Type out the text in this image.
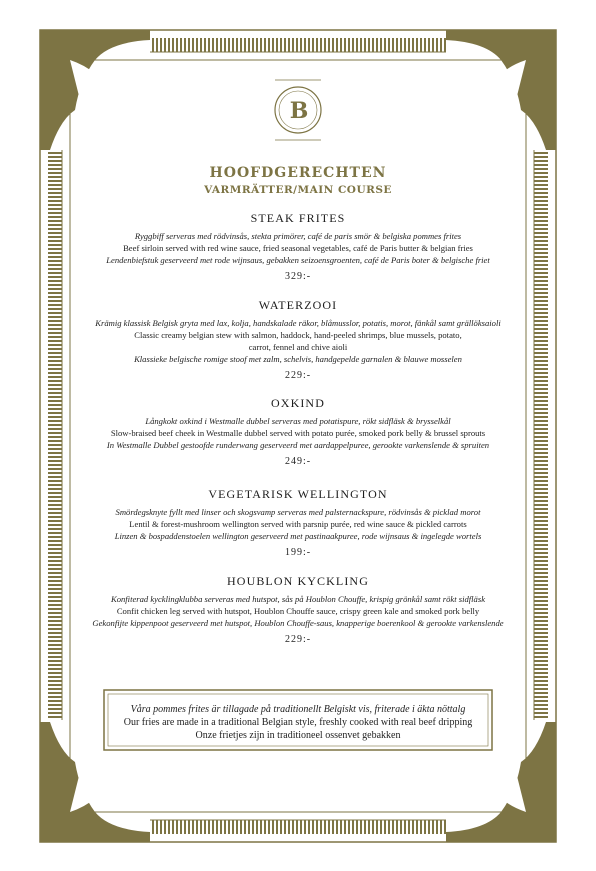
B
HOOFDGERECHTEN
VARMRÄTTER/MAIN COURSE
STEAK FRITES
Ryggbiff serveras med rödvinsås, stekta primörer, café de paris smör & belgiska pommes frites
Beef sirloin served with red wine sauce, fried seasonal vegetables, café de Paris butter & belgian fries
Lendenbiefstuk geserveerd met rode wijnsaus, gebakken seizoensgroenten, café de Paris boter & belgische friet
329:-
WATERZOOI
Krämig klassisk Belgisk gryta med lax, kolja, handskalade räkor, blåmusslor, potatis, morot, fänkål samt grällöksaioli
Classic creamy belgian stew with salmon, haddock, hand-peeled shrimps, blue mussels, potato,
carrot, fennel and chive aioli
Klassieke belgische romige stoof met zalm, schelvis, handgepelde garnalen & blauwe mosselen
229:-
OXKIND
Långkokt oxkind i Westmalle dubbel serveras med potatispure, rökt sidfläsk & brysselkål
Slow-braised beef cheek in Westmalle dubbel served with potato purée, smoked pork belly & brussel sprouts
In Westmalle Dubbel gestoofde runderwang geserveerd met aardappelpuree, gerookte varkenslende & spruiten
249:-
VEGETARISK WELLINGTON
Smördegsknyte fyllt med linser och skogsvamp serveras med palsternackspure, rödvinsås & picklad morot
Lentil & forest-mushroom wellington served with parsnip purée, red wine sauce & pickled carrots
Linzen & bospaddenstoelen wellington geserveerd met pastinaakpuree, rode wijnsaus & ingelegde wortels
199:-
HOUBLON KYCKLING
Konfiterad kycklingklubba serveras med hutspot, sås på Houblon Chouffe, krispig grönkål samt rökt sidfläsk
Confit chicken leg served with hutspot, Houblon Chouffe sauce, crispy green kale and smoked pork belly
Gekonfijte kippenpoot geserveerd met hutspot, Houblon Chouffe-saus, knapperige boerenkool & gerookte varkenslende
229:-
Våra pommes frites är tillagade på traditionellt Belgiskt vis, friterade i äkta nöttalg
Our fries are made in a traditional Belgian style, freshly cooked with real beef dripping
Onze frietjes zijn in traditioneel ossenvet gebakken
